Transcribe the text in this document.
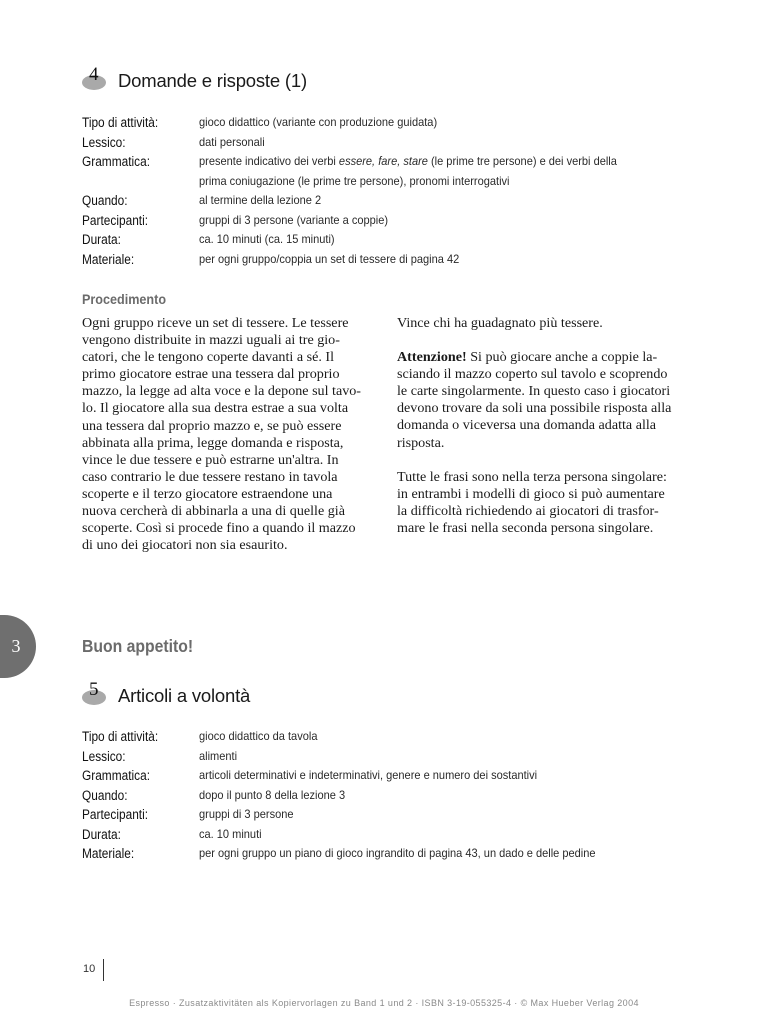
4 Domande e risposte (1)
Tipo di attività:	gioco didattico (variante con produzione guidata)
Lessico:	dati personali
Grammatica:	presente indicativo dei verbi essere, fare, stare (le prime tre persone) e dei verbi della prima coniugazione (le prime tre persone), pronomi interrogativi
Quando:	al termine della lezione 2
Partecipanti:	gruppi di 3 persone (variante a coppie)
Durata:	ca. 10 minuti (ca. 15 minuti)
Materiale:	per ogni gruppo/coppia un set di tessere di pagina 42
Procedimento
Ogni gruppo riceve un set di tessere. Le tessere
vengono distribuite in mazzi uguali ai tre gio-
catori, che le tengono coperte davanti a sé. Il
primo giocatore estrae una tessera dal proprio
mazzo, la legge ad alta voce e la depone sul tavo-
lo. Il giocatore alla sua destra estrae a sua volta
una tessera dal proprio mazzo e, se può essere
abbinata alla prima, legge domanda e risposta,
vince le due tessere e può estrarne un'altra. In
caso contrario le due tessere restano in tavola
scoperte e il terzo giocatore estraendone una
nuova cercherà di abbinarla a una di quelle già
scoperte. Così si procede fino a quando il mazzo
di uno dei giocatori non sia esaurito.

Vince chi ha guadagnato più tessere.

Attenzione! Si può giocare anche a coppie la-
sciando il mazzo coperto sul tavolo e scoprendo
le carte singolarmente. In questo caso i giocatori
devono trovare da soli una possibile risposta alla
domanda o viceversa una domanda adatta alla
risposta.

Tutte le frasi sono nella terza persona singolare:
in entrambi i modelli di gioco si può aumentare
la difficoltà richiedendo ai giocatori di trasfor-
mare le frasi nella seconda persona singolare.

3	Buon appetito!
5 Articoli a volontà
Tipo di attività:	gioco didattico da tavola
Lessico:	alimenti
Grammatica:	articoli determinativi e indeterminativi, genere e numero dei sostantivi
Quando:	dopo il punto 8 della lezione 3
Partecipanti:	gruppi di 3 persone
Durata:	ca. 10 minuti
Materiale:	per ogni gruppo un piano di gioco ingrandito di pagina 43, un dado e delle pedine
10
Espresso · Zusatzaktivitäten als Kopiervorlagen zu Band 1 und 2 · ISBN 3-19-055325-4 · © Max Hueber Verlag 2004
